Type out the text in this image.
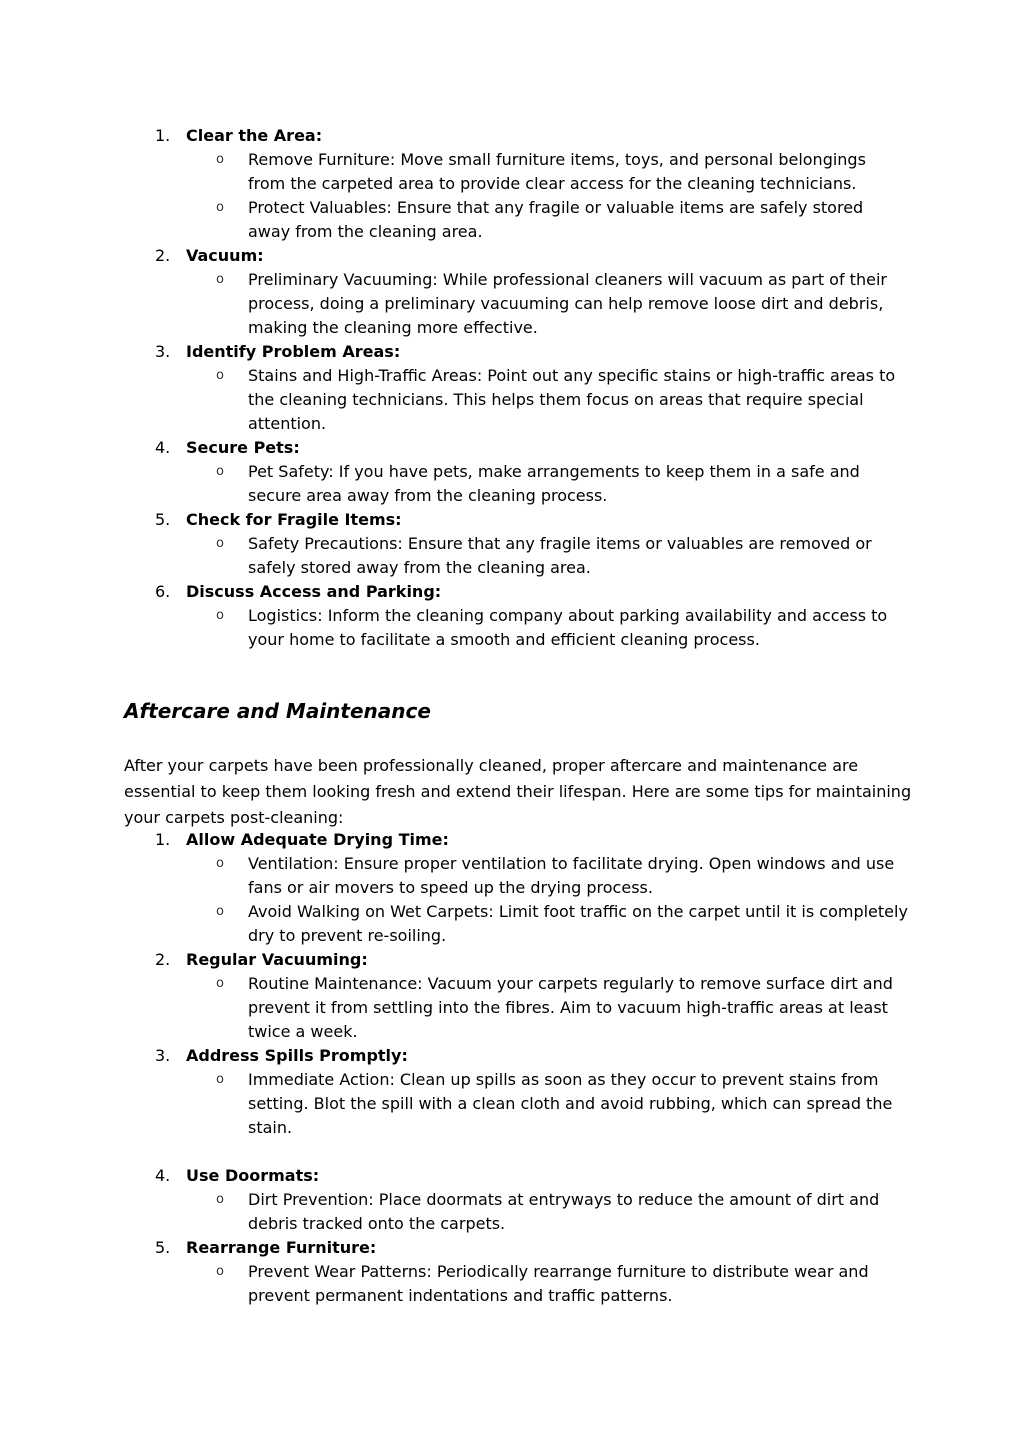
1. Clear the Area:
o Remove Furniture: Move small furniture items, toys, and personal belongings from the carpeted area to provide clear access for the cleaning technicians.
o Protect Valuables: Ensure that any fragile or valuable items are safely stored away from the cleaning area.
2. Vacuum:
o Preliminary Vacuuming: While professional cleaners will vacuum as part of their process, doing a preliminary vacuuming can help remove loose dirt and debris, making the cleaning more effective.
3. Identify Problem Areas:
o Stains and High-Traffic Areas: Point out any specific stains or high-traffic areas to the cleaning technicians. This helps them focus on areas that require special attention.
4. Secure Pets:
o Pet Safety: If you have pets, make arrangements to keep them in a safe and secure area away from the cleaning process.
5. Check for Fragile Items:
o Safety Precautions: Ensure that any fragile items or valuables are removed or safely stored away from the cleaning area.
6. Discuss Access and Parking:
o Logistics: Inform the cleaning company about parking availability and access to your home to facilitate a smooth and efficient cleaning process.
Aftercare and Maintenance

After your carpets have been professionally cleaned, proper aftercare and maintenance are essential to keep them looking fresh and extend their lifespan. Here are some tips for maintaining your carpets post-cleaning:

1. Allow Adequate Drying Time:
o Ventilation: Ensure proper ventilation to facilitate drying. Open windows and use fans or air movers to speed up the drying process.
o Avoid Walking on Wet Carpets: Limit foot traffic on the carpet until it is completely dry to prevent re-soiling.
2. Regular Vacuuming:
o Routine Maintenance: Vacuum your carpets regularly to remove surface dirt and prevent it from settling into the fibres. Aim to vacuum high-traffic areas at least twice a week.
3. Address Spills Promptly:
o Immediate Action: Clean up spills as soon as they occur to prevent stains from setting. Blot the spill with a clean cloth and avoid rubbing, which can spread the stain.
4. Use Doormats:
o Dirt Prevention: Place doormats at entryways to reduce the amount of dirt and debris tracked onto the carpets.
5. Rearrange Furniture:
o Prevent Wear Patterns: Periodically rearrange furniture to distribute wear and prevent permanent indentations and traffic patterns.
